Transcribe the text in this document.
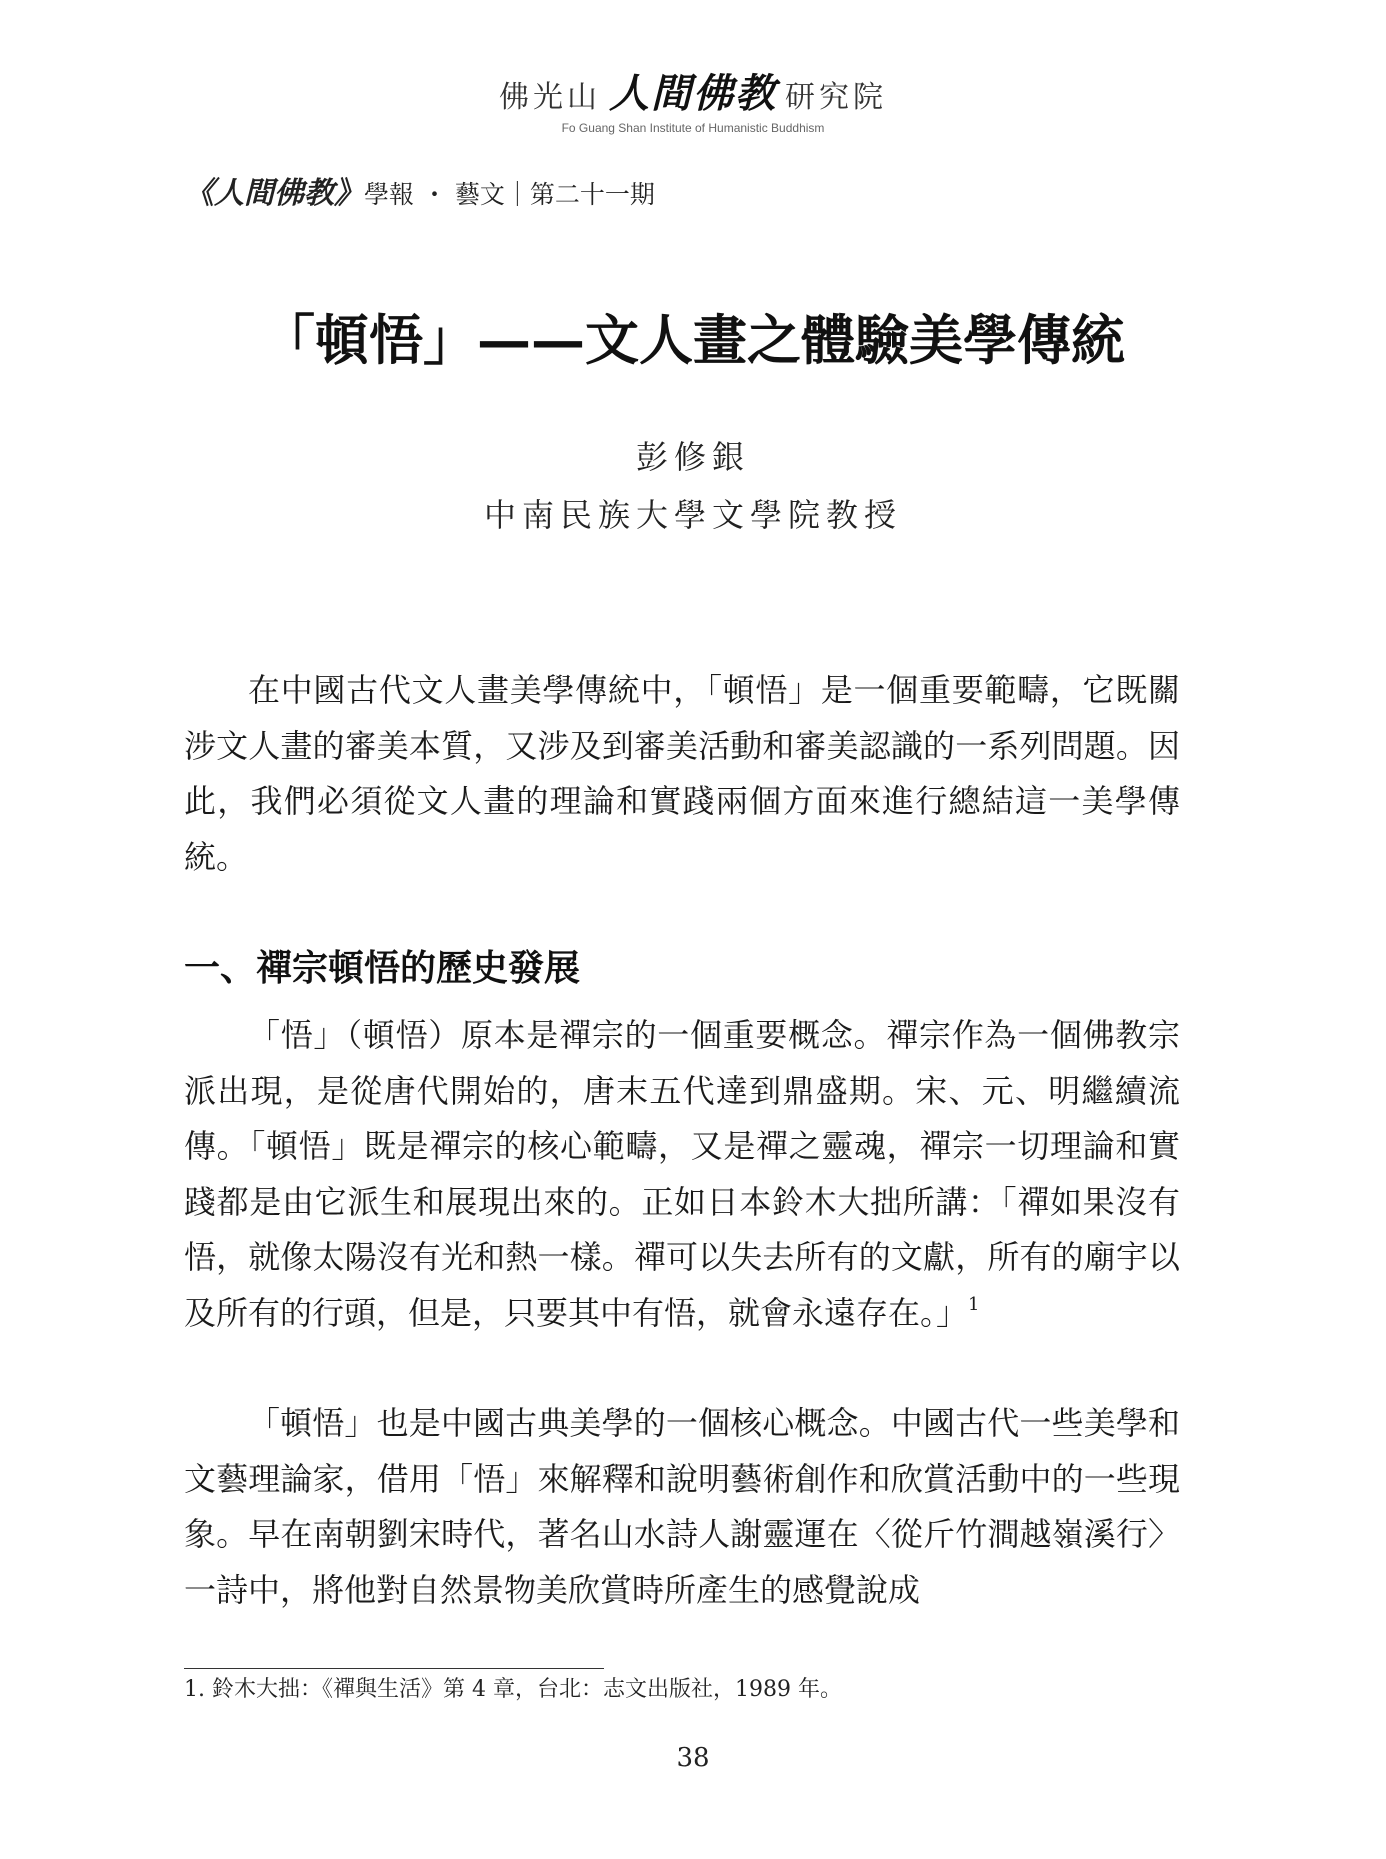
佛光山 人間佛教 研究院
Fo Guang Shan Institute of Humanistic Buddhism
《人間佛教》學報 ・ 藝文｜第二十一期
「頓悟」——文人畫之體驗美學傳統
彭修銀
中南民族大學文學院教授

在中國古代文人畫美學傳統中，「頓悟」是一個重要範疇，它既關涉文人畫的審美本質，又涉及到審美活動和審美認識的一系列問題。因此，我們必須從文人畫的理論和實踐兩個方面來進行總結這一美學傳統。

一、禪宗頓悟的歷史發展

「悟」（頓悟）原本是禪宗的一個重要概念。禪宗作為一個佛教宗派出現，是從唐代開始的，唐末五代達到鼎盛期。宋、元、明繼續流傳。「頓悟」既是禪宗的核心範疇，又是禪之靈魂，禪宗一切理論和實踐都是由它派生和展現出來的。正如日本鈴木大拙所講：「禪如果沒有悟，就像太陽沒有光和熱一樣。禪可以失去所有的文獻，所有的廟宇以及所有的行頭，但是，只要其中有悟，就會永遠存在。」$^1$

「頓悟」也是中國古典美學的一個核心概念。中國古代一些美學和文藝理論家，借用「悟」來解釋和說明藝術創作和欣賞活動中的一些現象。早在南朝劉宋時代，著名山水詩人謝靈運在〈從斤竹澗越嶺溪行〉一詩中，將他對自然景物美欣賞時所產生的感覺說成

1. 鈴木大拙：《禪與生活》第 4 章，台北：志文出版社，1989 年。
38
